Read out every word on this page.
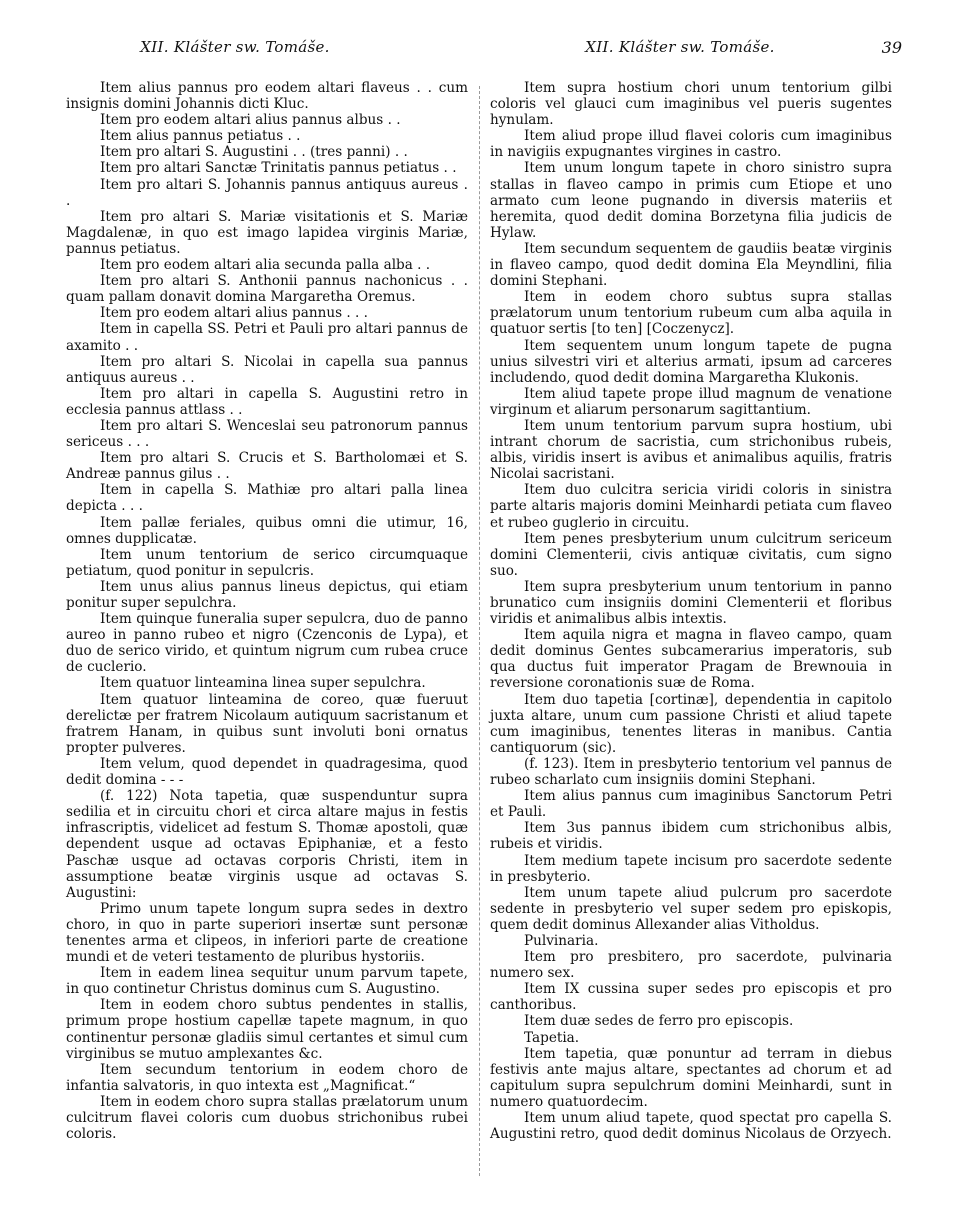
XII. Klášter sw. Tomáše.	XII. Klášter sw. Tomáše.	39

Item alius pannus pro eodem altari flaveus . . cum insignis domini Johannis dicti Kluc.

Item pro eodem altari alius pannus albus . .

Item alius pannus petiatus . .

Item pro altari S. Augustini . . (tres panni) . .

Item pro altari Sanctæ Trinitatis pannus petiatus . .

Item pro altari S. Johannis pannus antiquus aureus . .

Item pro altari S. Mariæ visitationis et S. Mariæ Magdalenæ, in quo est imago lapidea virginis Mariæ, pannus petiatus.

Item pro eodem altari alia secunda palla alba . .

Item pro altari S. Anthonii pannus nachonicus . . quam pallam donavit domina Margaretha Oremus.

Item pro eodem altari alius pannus . . .

Item in capella SS. Petri et Pauli pro altari pannus de axamito . .

Item pro altari S. Nicolai in capella sua pannus antiquus aureus . .

Item pro altari in capella S. Augustini retro in ecclesia pannus attlass . .

Item pro altari S. Wenceslai seu patronorum pannus sericeus . . .

Item pro altari S. Crucis et S. Bartholomæi et S. Andreæ pannus gilus . .

Item in capella S. Mathiæ pro altari palla linea depicta . . .

Item pallæ feriales, quibus omni die utimur, 16, omnes dupplicatæ.

Item unum tentorium de serico circumquaque petiatum, quod ponitur in sepulcris.

Item unus alius pannus lineus depictus, qui etiam ponitur super sepulchra.

Item quinque funeralia super sepulcra, duo de panno aureo in panno rubeo et nigro (Czenconis de Lypa), et duo de serico virido, et quintum nigrum cum rubea cruce de cuclerio.

Item quatuor linteamina linea super sepulchra.

Item quatuor linteamina de coreo, quæ fueruut derelictæ per fratrem Nicolaum autiquum sacristanum et fratrem Hanam, in quibus sunt involuti boni ornatus propter pulveres.

Item velum, quod dependet in quadragesima, quod dedit domina - - -

(f. 122) Nota tapetia, quæ suspenduntur supra sedilia et in circuitu chori et circa altare majus in festis infrascriptis, videlicet ad festum S. Thomæ apostoli, quæ dependent usque ad octavas Epiphaniæ, et a festo Paschæ usque ad octavas corporis Christi, item in assumptione beatæ virginis usque ad octavas S. Augustini:

Primo unum tapete longum supra sedes in dextro choro, in quo in parte superiori insertæ sunt personæ tenentes arma et clipeos, in inferiori parte de creatione mundi et de veteri testamento de pluribus hystoriis.

Item in eadem linea sequitur unum parvum tapete, in quo continetur Christus dominus cum S. Augustino.

Item in eodem choro subtus pendentes in stallis, primum prope hostium capellæ tapete magnum, in quo continentur personæ gladiis simul certantes et simul cum virginibus se mutuo amplexantes &c.

Item secundum tentorium in eodem choro de infantia salvatoris, in quo intexta est „Magnificat.“

Item in eodem choro supra stallas prælatorum unum culcitrum flavei coloris cum duobus strichonibus rubei coloris.

Item supra hostium chori unum tentorium gilbi coloris vel glauci cum imaginibus vel pueris sugentes hynulam.

Item aliud prope illud flavei coloris cum imaginibus in navigiis expugnantes virgines in castro.

Item unum longum tapete in choro sinistro supra stallas in flaveo campo in primis cum Etiope et uno armato cum leone pugnando in diversis materiis et heremita, quod dedit domina Borzetyna filia judicis de Hylaw.

Item secundum sequentem de gaudiis beatæ virginis in flaveo campo, quod dedit domina Ela Meyndlini, filia domini Stephani.

Item in eodem choro subtus supra stallas prælatorum unum tentorium rubeum cum alba aquila in quatuor sertis [to ten] [Coczenycz].

Item sequentem unum longum tapete de pugna unius silvestri viri et alterius armati, ipsum ad carceres includendo, quod dedit domina Margaretha Klukonis.

Item aliud tapete prope illud magnum de venatione virginum et aliarum personarum sagittantium.

Item unum tentorium parvum supra hostium, ubi intrant chorum de sacristia, cum strichonibus rubeis, albis, viridis insert is avibus et animalibus aquilis, fratris Nicolai sacristani.

Item duo culcitra sericia viridi coloris in sinistra parte altaris majoris domini Meinhardi petiata cum flaveo et rubeo guglerio in circuitu.

Item penes presbyterium unum culcitrum sericeum domini Clementerii, civis antiquæ civitatis, cum signo suo.

Item supra presbyterium unum tentorium in panno brunatico cum insigniis domini Clementerii et floribus viridis et animalibus albis intextis.

Item aquila nigra et magna in flaveo campo, quam dedit dominus Gentes subcamerarius imperatoris, sub qua ductus fuit imperator Pragam de Brewnouia in reversione coronationis suæ de Roma.

Item duo tapetia [cortinæ], dependentia in capitolo juxta altare, unum cum passione Christi et aliud tapete cum imaginibus, tenentes literas in manibus. Cantia cantiquorum (sic).

(f. 123). Item in presbyterio tentorium vel pannus de rubeo scharlato cum insigniis domini Stephani.

Item alius pannus cum imaginibus Sanctorum Petri et Pauli.

Item 3us pannus ibidem cum strichonibus albis, rubeis et viridis.

Item medium tapete incisum pro sacerdote sedente in presbyterio.

Item unum tapete aliud pulcrum pro sacerdote sedente in presbyterio vel super sedem pro episkopis, quem dedit dominus Allexander alias Vitholdus.

Pulvinaria.

Item pro presbitero, pro sacerdote, pulvinaria numero sex.

Item IX cussina super sedes pro episcopis et pro canthoribus.

Item duæ sedes de ferro pro episcopis.

Tapetia.

Item tapetia, quæ ponuntur ad terram in diebus festivis ante majus altare, spectantes ad chorum et ad capitulum supra sepulchrum domini Meinhardi, sunt in numero quatuordecim.

Item unum aliud tapete, quod spectat pro capella S. Augustini retro, quod dedit dominus Nicolaus de Orzyech.
